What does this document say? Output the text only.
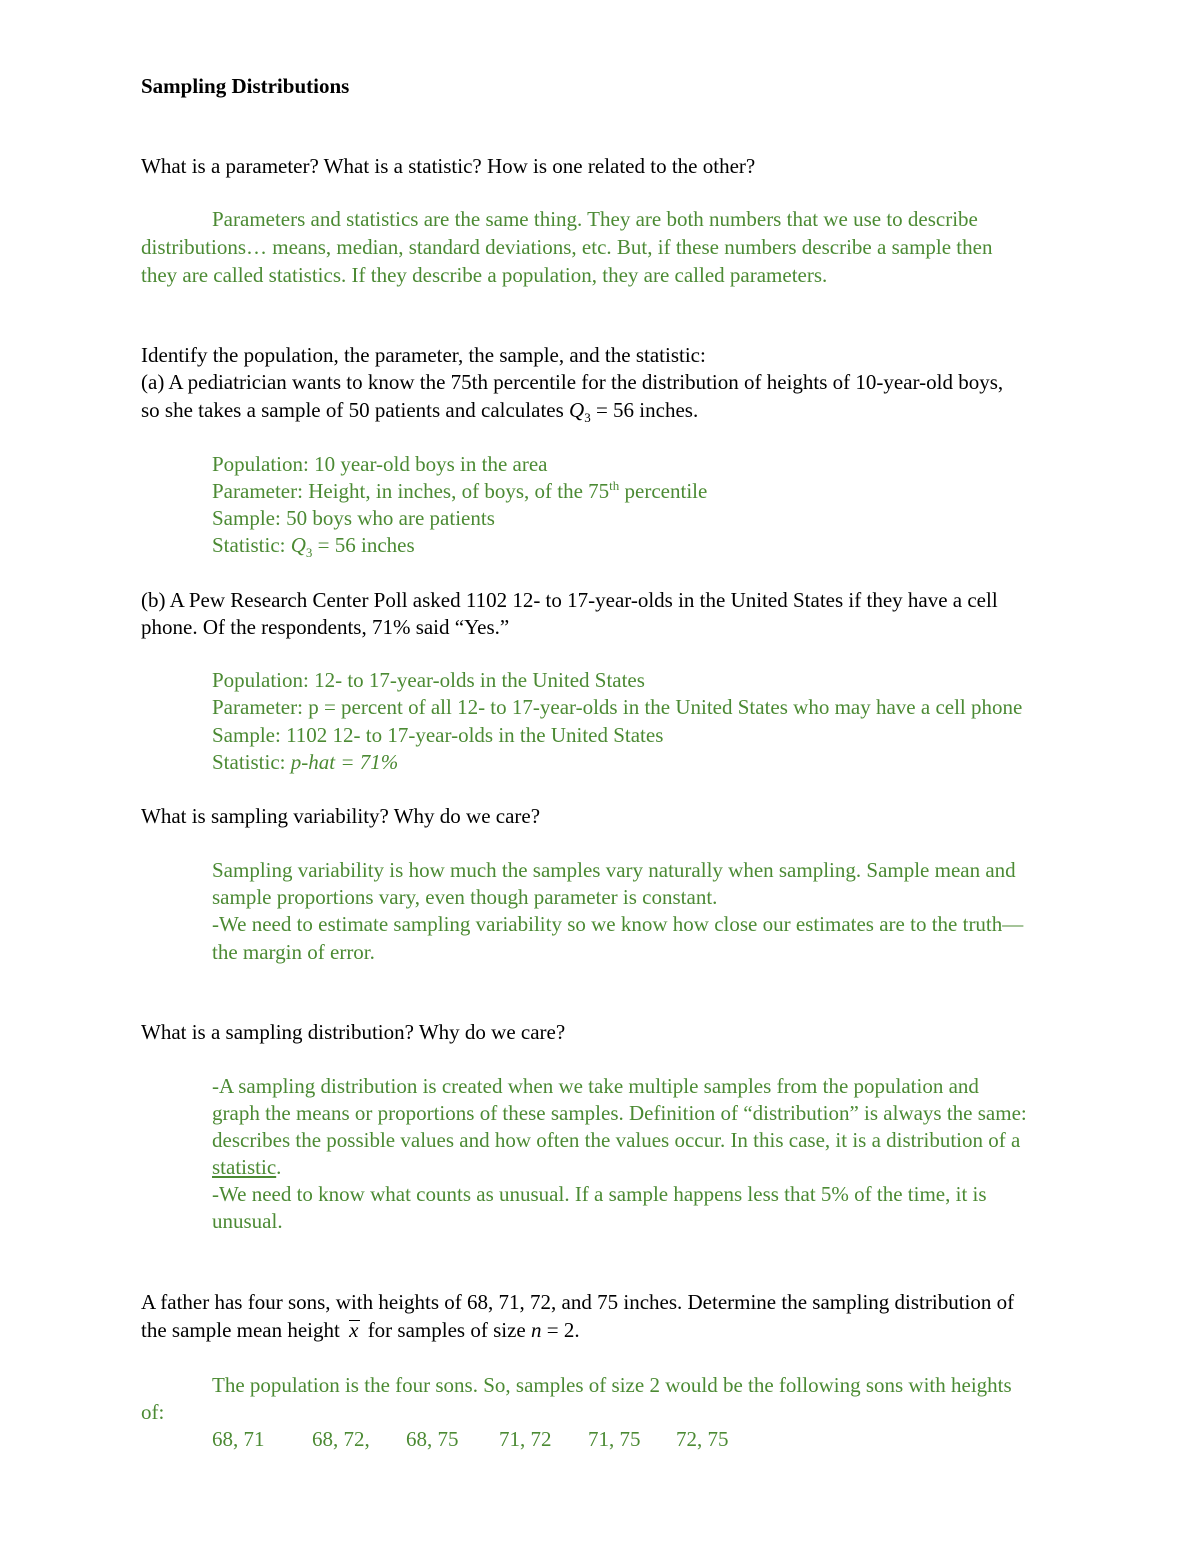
Sampling Distributions
What is a parameter? What is a statistic? How is one related to the other?
Parameters and statistics are the same thing. They are both numbers that we use to describe
distributions… means, median, standard deviations, etc. But, if these numbers describe a sample then
they are called statistics. If they describe a population, they are called parameters.
Identify the population, the parameter, the sample, and the statistic:
(a) A pediatrician wants to know the 75th percentile for the distribution of heights of 10-year-old boys,
so she takes a sample of 50 patients and calculates $Q_3 = 56$ inches.
Population: 10 year-old boys in the area
Parameter: Height, in inches, of boys, of the 75th percentile
Sample: 50 boys who are patients
Statistic: $Q_3 = 56$ inches
(b) A Pew Research Center Poll asked 1102 12- to 17-year-olds in the United States if they have a cell
phone. Of the respondents, 71% said “Yes.”
Population: 12- to 17-year-olds in the United States
Parameter: p = percent of all 12- to 17-year-olds in the United States who may have a cell phone
Sample: 1102 12- to 17-year-olds in the United States
Statistic: p-hat = 71%
What is sampling variability? Why do we care?
Sampling variability is how much the samples vary naturally when sampling. Sample mean and
sample proportions vary, even though parameter is constant.
-We need to estimate sampling variability so we know how close our estimates are to the truth—
the margin of error.
What is a sampling distribution? Why do we care?
-A sampling distribution is created when we take multiple samples from the population and
graph the means or proportions of these samples. Definition of “distribution” is always the same:
describes the possible values and how often the values occur. In this case, it is a distribution of a
statistic.
-We need to know what counts as unusual. If a sample happens less that 5% of the time, it is
unusual.
A father has four sons, with heights of 68, 71, 72, and 75 inches. Determine the sampling distribution of
the sample mean height x for samples of size n = 2.
The population is the four sons. So, samples of size 2 would be the following sons with heights
of:
68, 71 68, 72, 68, 75 71, 72 71, 75 72, 75
